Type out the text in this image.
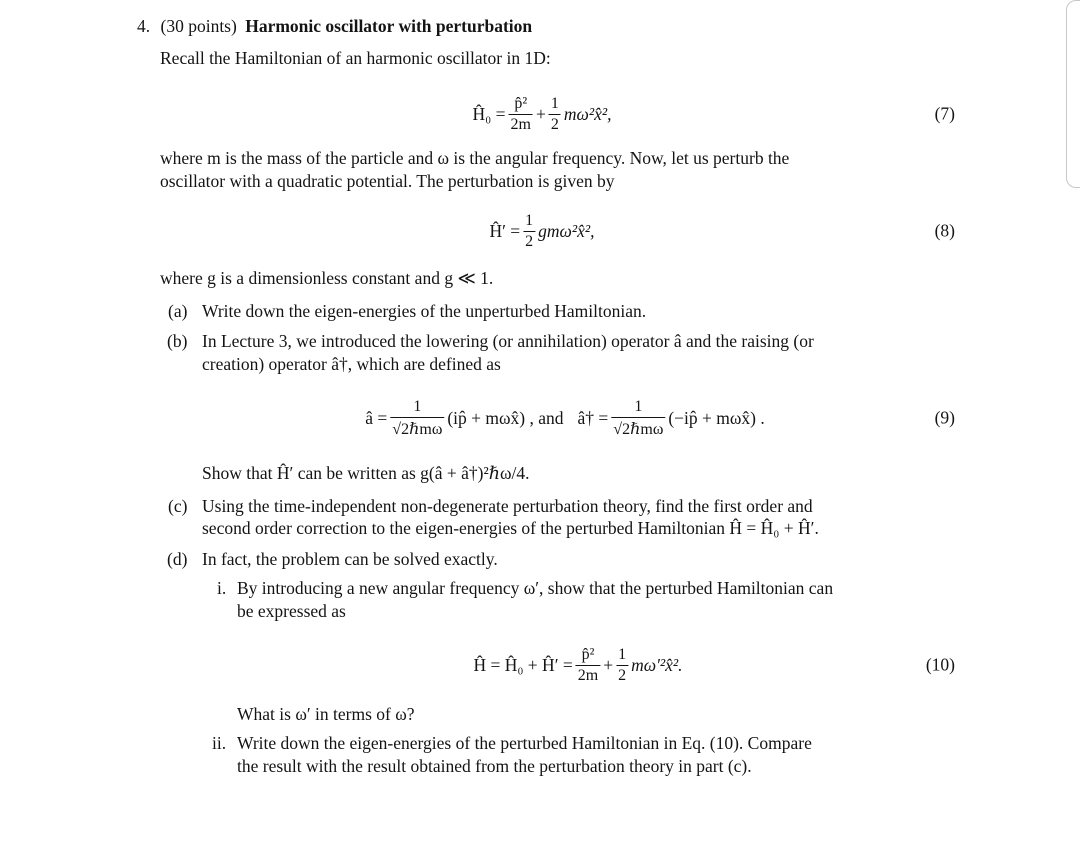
4. (30 points) Harmonic oscillator with perturbation
Recall the Hamiltonian of an harmonic oscillator in 1D:
Ĥ₀ = $\frac{\text{p̂²}}{2m} + \frac{1}{2}$ mω²x̂²,	(7)
where m is the mass of the particle and ω is the angular frequency. Now, let us perturb the
oscillator with a quadratic potential. The perturbation is given by
Ĥ′ = $\frac{1}{2}$ gmω²x̂²,	(8)
where g is a dimensionless constant and g ≪ 1.
(a) Write down the eigen-energies of the unperturbed Hamiltonian.
(b) In Lecture 3, we introduced the lowering (or annihilation) operator â and the raising (or
creation) operator â†, which are defined as
â = $\frac{1}{\text{√2ℏmω}}$ (ip̂ + mωx̂) , and â† = $\frac{1}{\text{√2ℏmω}}$ (−ip̂ + mωx̂) .	(9)
Show that Ĥ′ can be written as g(â + â†)²ℏω/4.
(c) Using the time-independent non-degenerate perturbation theory, find the first order and
second order correction to the eigen-energies of the perturbed Hamiltonian Ĥ = Ĥ₀ + Ĥ′.
(d) In fact, the problem can be solved exactly.
i. By introducing a new angular frequency ω′, show that the perturbed Hamiltonian can
be expressed as
Ĥ = Ĥ₀ + Ĥ′ = $\frac{\text{p̂²}}{2m} + \frac{1}{2}$ mω′²x̂².	(10)
What is ω′ in terms of ω?
ii. Write down the eigen-energies of the perturbed Hamiltonian in Eq. (10). Compare
the result with the result obtained from the perturbation theory in part (c).
